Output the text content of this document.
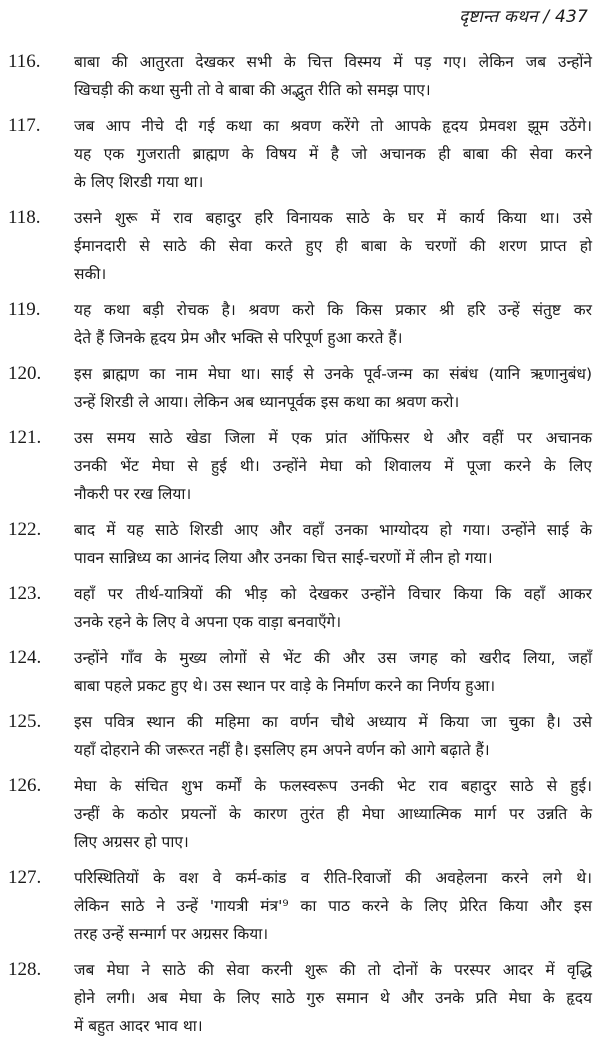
दृष्टान्त कथन / 437
116.	बाबा की आतुरता देखकर सभी के चित्त विस्मय में पड़ गए। लेकिन जब उन्होंने
खिचड़ी की कथा सुनी तो वे बाबा की अद्भुत रीति को समझ पाए।
117.	जब आप नीचे दी गई कथा का श्रवण करेंगे तो आपके हृदय प्रेमवश झूम उठेंगे।
यह एक गुजराती ब्राह्मण के विषय में है जो अचानक ही बाबा की सेवा करने
के लिए शिरडी गया था।
118.	उसने शुरू में राव बहादुर हरि विनायक साठे के घर में कार्य किया था। उसे
ईमानदारी से साठे की सेवा करते हुए ही बाबा के चरणों की शरण प्राप्त हो
सकी।
119.	यह कथा बड़ी रोचक है। श्रवण करो कि किस प्रकार श्री हरि उन्हें संतुष्ट कर
देते हैं जिनके हृदय प्रेम और भक्ति से परिपूर्ण हुआ करते हैं।
120.	इस ब्राह्मण का नाम मेघा था। साई से उनके पूर्व-जन्म का संबंध (यानि ऋणानुबंध)
उन्हें शिरडी ले आया। लेकिन अब ध्यानपूर्वक इस कथा का श्रवण करो।
121.	उस समय साठे खेडा जिला में एक प्रांत ऑफिसर थे और वहीं पर अचानक
उनकी भेंट मेघा से हुई थी। उन्होंने मेघा को शिवालय में पूजा करने के लिए
नौकरी पर रख लिया।
122.	बाद में यह साठे शिरडी आए और वहाँ उनका भाग्योदय हो गया। उन्होंने साई के
पावन सान्निध्य का आनंद लिया और उनका चित्त साई-चरणों में लीन हो गया।
123.	वहाँ पर तीर्थ-यात्रियों की भीड़ को देखकर उन्होंने विचार किया कि वहाँ आकर
उनके रहने के लिए वे अपना एक वाड़ा बनवाएँगे।
124.	उन्होंने गाँव के मुख्य लोगों से भेंट की और उस जगह को खरीद लिया, जहाँ
बाबा पहले प्रकट हुए थे। उस स्थान पर वाड़े के निर्माण करने का निर्णय हुआ।
125.	इस पवित्र स्थान की महिमा का वर्णन चौथे अध्याय में किया जा चुका है। उसे
यहाँ दोहराने की जरूरत नहीं है। इसलिए हम अपने वर्णन को आगे बढ़ाते हैं।
126.	मेघा के संचित शुभ कर्मों के फलस्वरूप उनकी भेट राव बहादुर साठे से हुई।
उन्हीं के कठोर प्रयत्नों के कारण तुरंत ही मेघा आध्यात्मिक मार्ग पर उन्नति के
लिए अग्रसर हो पाए।
127.	परिस्थितियों के वश वे कर्म-कांड व रीति-रिवाजों की अवहेलना करने लगे थे।
लेकिन साठे ने उन्हें 'गायत्री मंत्र'⁹ का पाठ करने के लिए प्रेरित किया और इस
तरह उन्हें सन्मार्ग पर अग्रसर किया।
128.	जब मेघा ने साठे की सेवा करनी शुरू की तो दोनों के परस्पर आदर में वृद्धि
होने लगी। अब मेघा के लिए साठे गुरु समान थे और उनके प्रति मेघा के हृदय
में बहुत आदर भाव था।
